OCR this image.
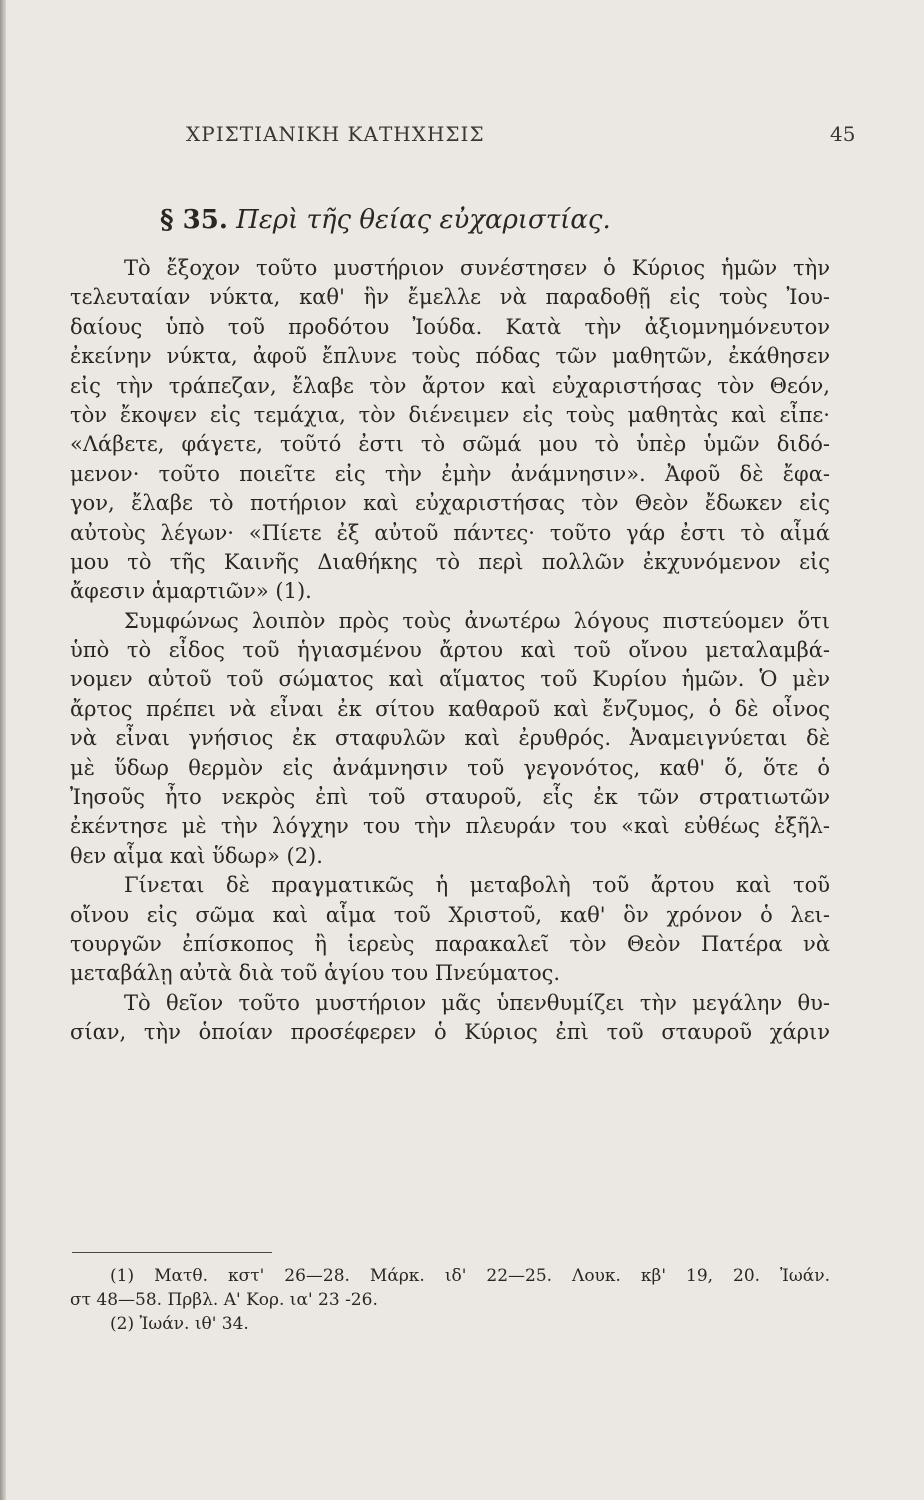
ΧΡΙΣΤΙΑΝΙΚΗ ΚΑΤΗΧΗΣΙΣ	45
§ 35. Περὶ τῆς θείας εὐχαριστίας.
Τὸ ἔξοχον τοῦτο μυστήριον συνέστησεν ὁ Κύριος ἡμῶν τὴν
τελευταίαν νύκτα, καθ' ἣν ἔμελλε νὰ παραδοθῇ εἰς τοὺς Ἰου-
δαίους ὑπὸ τοῦ προδότου Ἰούδα. Κατὰ τὴν ἀξιομνημόνευτον
ἐκείνην νύκτα, ἀφοῦ ἔπλυνε τοὺς πόδας τῶν μαθητῶν, ἐκάθησεν
εἰς τὴν τράπεζαν, ἔλαβε τὸν ἄρτον καὶ εὐχαριστήσας τὸν Θεόν,
τὸν ἔκοψεν εἰς τεμάχια, τὸν διένειμεν εἰς τοὺς μαθητὰς καὶ εἶπε·
«Λάβετε, φάγετε, τοῦτό ἐστι τὸ σῶμά μου τὸ ὑπὲρ ὑμῶν διδό-
μενον· τοῦτο ποιεῖτε εἰς τὴν ἐμὴν ἀνάμνησιν». Ἀφοῦ δὲ ἔφα-
γον, ἔλαβε τὸ ποτήριον καὶ εὐχαριστήσας τὸν Θεὸν ἔδωκεν εἰς
αὐτοὺς λέγων· «Πίετε ἐξ αὐτοῦ πάντες· τοῦτο γάρ ἐστι τὸ αἷμά
μου τὸ τῆς Καινῆς Διαθήκης τὸ περὶ πολλῶν ἐκχυνόμενον εἰς
ἄφεσιν ἁμαρτιῶν» (1).
Συμφώνως λοιπὸν πρὸς τοὺς ἀνωτέρω λόγους πιστεύομεν ὅτι
ὑπὸ τὸ εἶδος τοῦ ἡγιασμένου ἄρτου καὶ τοῦ οἴνου μεταλαμβά-
νομεν αὐτοῦ τοῦ σώματος καὶ αἵματος τοῦ Κυρίου ἡμῶν. Ὁ μὲν
ἄρτος πρέπει νὰ εἶναι ἐκ σίτου καθαροῦ καὶ ἔνζυμος, ὁ δὲ οἶνος
νὰ εἶναι γνήσιος ἐκ σταφυλῶν καὶ ἐρυθρός. Ἀναμειγνύεται δὲ
μὲ ὕδωρ θερμὸν εἰς ἀνάμνησιν τοῦ γεγονότος, καθ' ὅ, ὅτε ὁ
Ἰησοῦς ἦτο νεκρὸς ἐπὶ τοῦ σταυροῦ, εἷς ἐκ τῶν στρατιωτῶν
ἐκέντησε μὲ τὴν λόγχην του τὴν πλευράν του «καὶ εὐθέως ἐξῆλ-
θεν αἷμα καὶ ὕδωρ» (2).
Γίνεται δὲ πραγματικῶς ἡ μεταβολὴ τοῦ ἄρτου καὶ τοῦ
οἴνου εἰς σῶμα καὶ αἷμα τοῦ Χριστοῦ, καθ' ὃν χρόνον ὁ λει-
τουργῶν ἐπίσκοπος ἢ ἱερεὺς παρακαλεῖ τὸν Θεὸν Πατέρα νὰ
μεταβάλῃ αὐτὰ διὰ τοῦ ἁγίου του Πνεύματος.
Τὸ θεῖον τοῦτο μυστήριον μᾶς ὑπενθυμίζει τὴν μεγάλην θυ-
σίαν, τὴν ὁποίαν προσέφερεν ὁ Κύριος ἐπὶ τοῦ σταυροῦ χάριν
(1) Ματθ. κστ' 26—28. Μάρκ. ιδ' 22—25. Λουκ. κβ' 19, 20. Ἰωάν.
στ 48—58. Πρβλ. Α' Κορ. ια' 23 -26.
(2) Ἰωάν. ιθ' 34.
